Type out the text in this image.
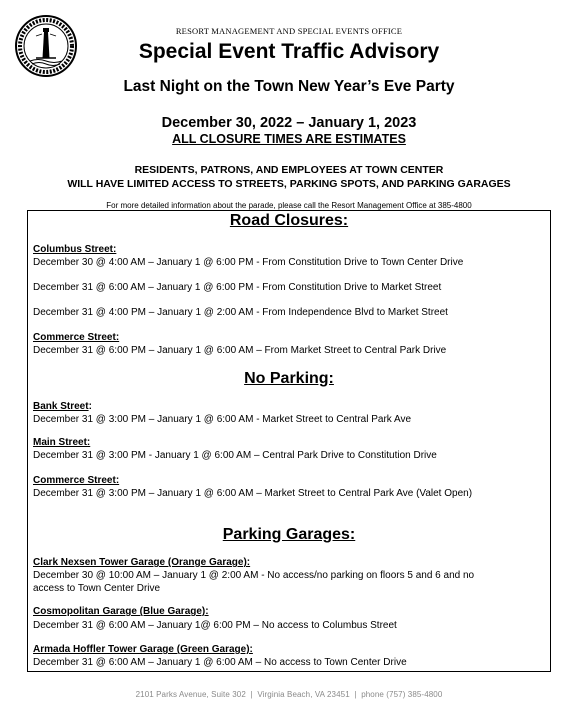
RESORT MANAGEMENT AND SPECIAL EVENTS OFFICE
Special Event Traffic Advisory
Last Night on the Town New Year’s Eve Party
December 30, 2022 – January 1, 2023
ALL CLOSURE TIMES ARE ESTIMATES
RESIDENTS, PATRONS, AND EMPLOYEES AT TOWN CENTER
WILL HAVE LIMITED ACCESS TO STREETS, PARKING SPOTS, AND PARKING GARAGES
For more detailed information about the parade, please call the Resort Management Office at 385-4800
Road Closures:
Columbus Street:
December 30 @ 4:00 AM – January 1 @ 6:00 PM - From Constitution Drive to Town Center Drive
December 31 @ 6:00 AM – January 1 @ 6:00 PM - From Constitution Drive to Market Street
December 31 @ 4:00 PM – January 1 @ 2:00 AM - From Independence Blvd to Market Street
Commerce Street:
December 31 @ 6:00 PM – January 1 @ 6:00 AM – From Market Street to Central Park Drive
No Parking:
Bank Street:
December 31 @ 3:00 PM – January 1 @ 6:00 AM - Market Street to Central Park Ave
Main Street:
December 31 @ 3:00 PM - January 1 @ 6:00 AM – Central Park Drive to Constitution Drive
Commerce Street:
December 31 @ 3:00 PM – January 1 @ 6:00 AM – Market Street to Central Park Ave (Valet Open)
Parking Garages:
Clark Nexsen Tower Garage (Orange Garage):
December 30 @ 10:00 AM – January 1 @ 2:00 AM - No access/no parking on floors 5 and 6 and no
access to Town Center Drive
Cosmopolitan Garage (Blue Garage):
December 31 @ 6:00 AM – January 1@ 6:00 PM – No access to Columbus Street
Armada Hoffler Tower Garage (Green Garage):
December 31 @ 6:00 AM – January 1 @ 6:00 AM – No access to Town Center Drive
2101 Parks Avenue, Suite 302  |  Virginia Beach, VA 23451  |  phone (757) 385-4800
